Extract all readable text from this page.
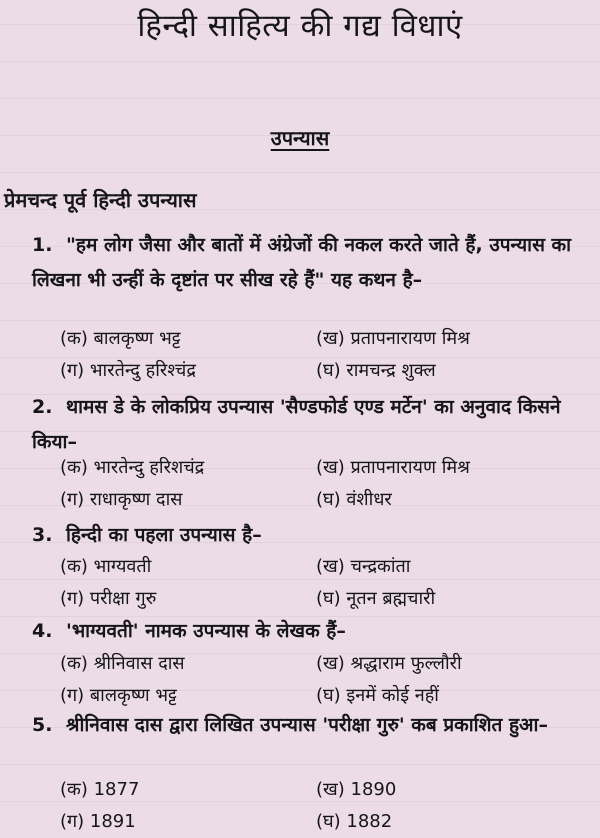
हिन्दी साहित्य की गद्य विधाएं
उपन्यास
प्रेमचन्द पूर्व हिन्दी उपन्यास
1. "हम लोग जैसा और बातों में अंग्रेजों की नकल करते जाते हैं, उपन्यास का लिखना भी उन्हीं के दृष्टांत पर सीख रहे हैं" यह कथन है–
(क) बालकृष्ण भट्ट	(ख) प्रतापनारायण मिश्र
(ग) भारतेन्दु हरिश्चंद्र	(घ) रामचन्द्र शुक्ल
2. थामस डे के लोकप्रिय उपन्यास 'सैण्डफोर्ड एण्ड मर्टेन' का अनुवाद किसने किया–
(क) भारतेन्दु हरिशचंद्र	(ख) प्रतापनारायण मिश्र
(ग) राधाकृष्ण दास	(घ) वंशीधर
3. हिन्दी का पहला उपन्यास है–
(क) भाग्यवती	(ख) चन्द्रकांता
(ग) परीक्षा गुरु	(घ) नूतन ब्रह्मचारी
4. 'भाग्यवती' नामक उपन्यास के लेखक हैं–
(क) श्रीनिवास दास	(ख) श्रद्धाराम फुल्लौरी
(ग) बालकृष्ण भट्ट	(घ) इनमें कोई नहीं
5. श्रीनिवास दास द्वारा लिखित उपन्यास 'परीक्षा गुरु' कब प्रकाशित हुआ–
(क) 1877	(ख) 1890
(ग) 1891	(घ) 1882
